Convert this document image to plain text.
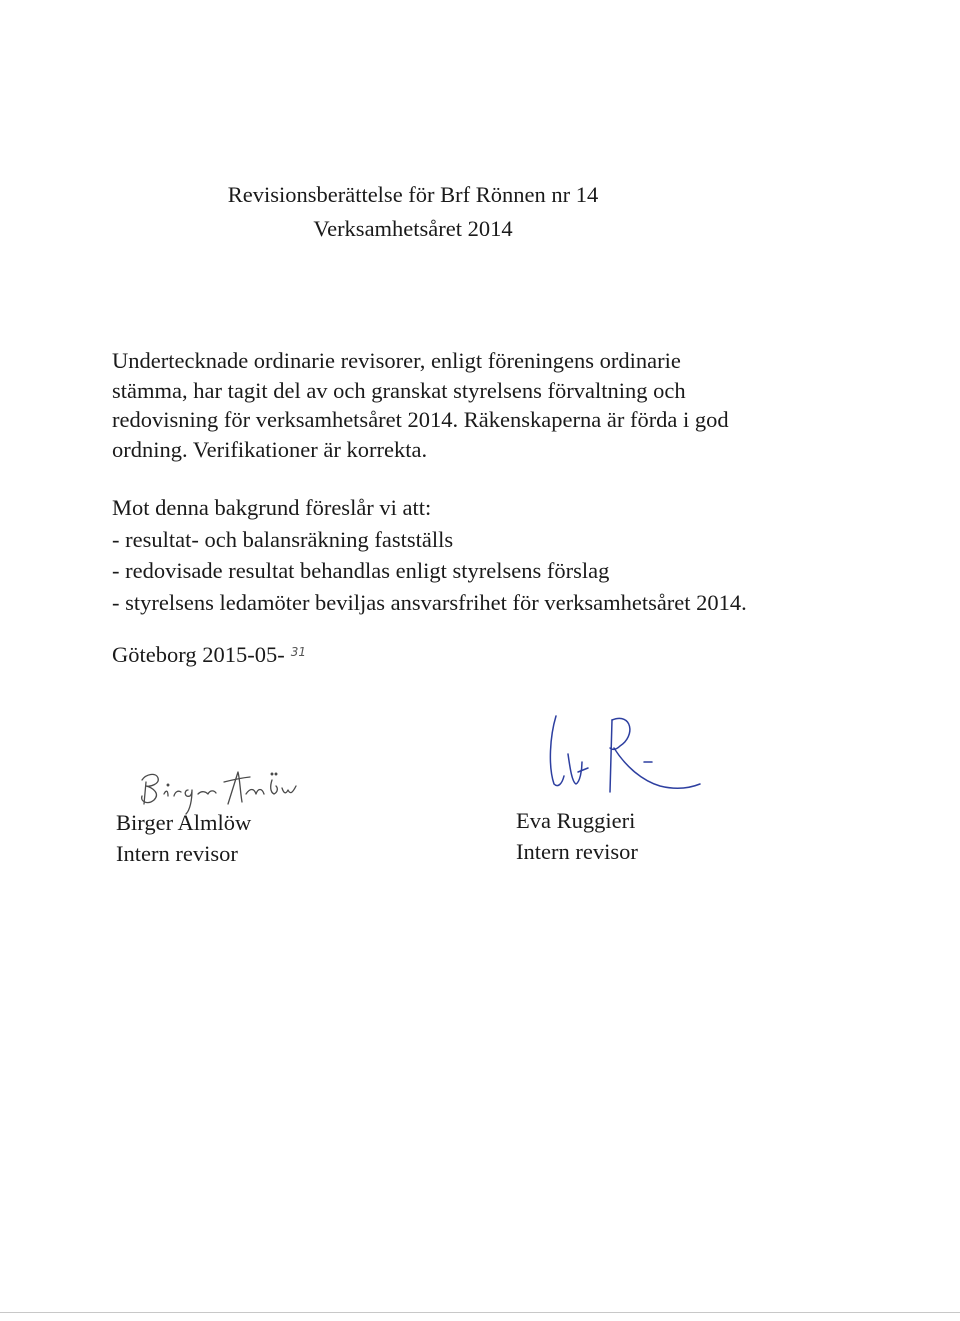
Revisionsberättelse för Brf Rönnen nr 14
Verksamhetsåret 2014
Undertecknade ordinarie revisorer, enligt föreningens ordinarie
stämma, har tagit del av och granskat styrelsens förvaltning och
redovisning för verksamhetsåret 2014. Räkenskaperna är förda i god
ordning. Verifikationer är korrekta.
Mot denna bakgrund föreslår vi att:
- resultat- och balansräkning fastställs
- redovisade resultat behandlas enligt styrelsens förslag
- styrelsens ledamöter beviljas ansvarsfrihet för verksamhetsåret 2014.
Göteborg 2015-05- 31
Birger Almlöw
Intern revisor
Eva Ruggieri
Intern revisor
